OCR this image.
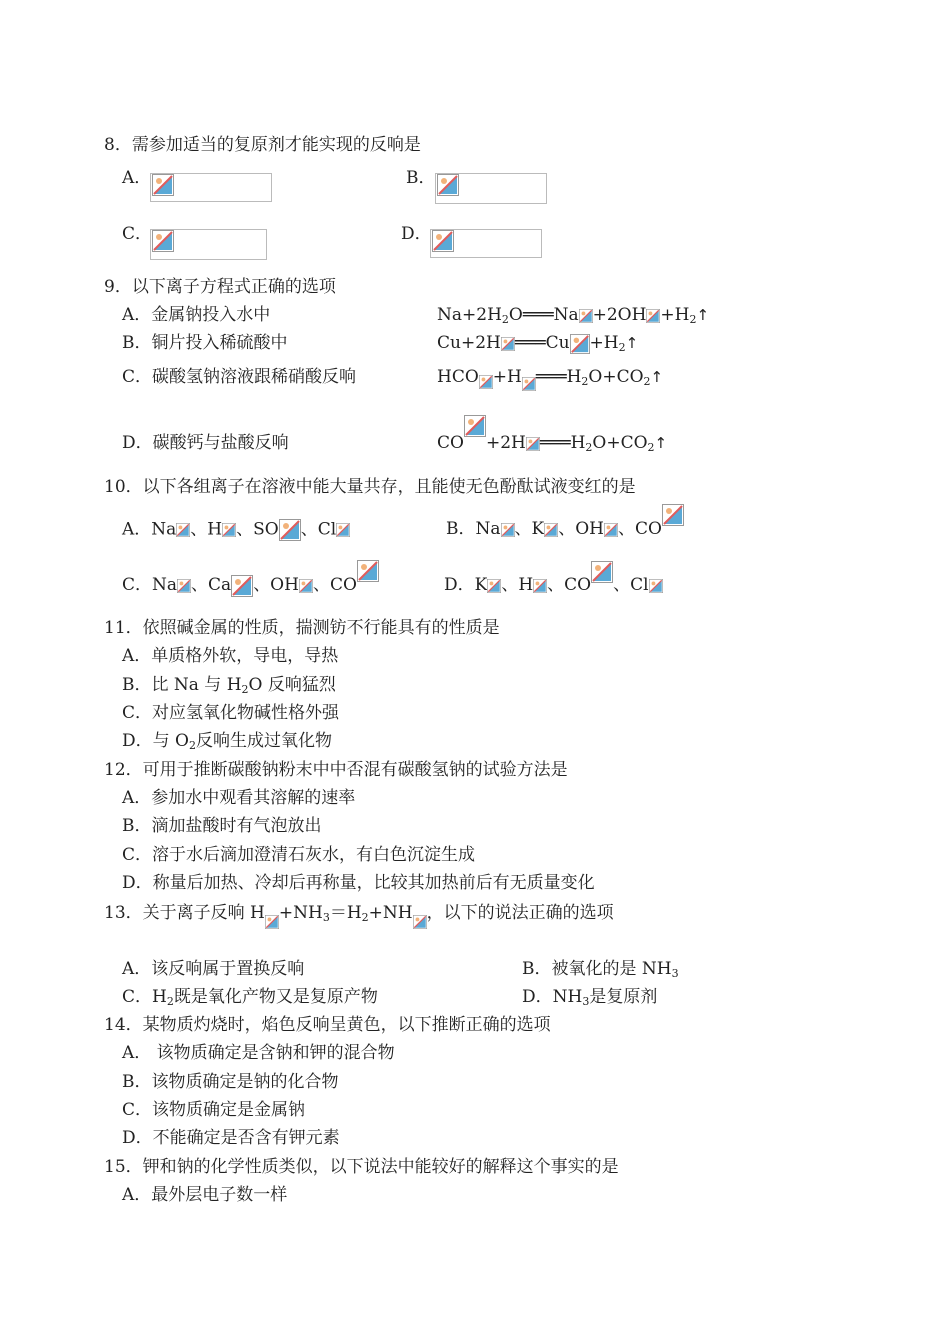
8．需参加适当的复原剂才能实现的反响是
A．	B．
C．	D．
9．以下离子方程式正确的选项
A．金属钠投入水中	$Na+2H_2O═══Na +2OH$ $+H_2↑$
B．铜片投入稀硫酸中	Cu+2H ═══Cu $+H_2↑$
C．碳酸氢钠溶液跟稀硝酸反响	HCO +H $═══H_2O+CO_2↑$
D．碳酸钙与盐酸反响	CO +2H $═══H_2O+CO_2↑$
10．以下各组离子在溶液中能大量共存，且能使无色酚酞试液变红的是
A．Na 、H 、SO 、Cl	B．Na 、K 、OH 、CO
C．Na 、Ca 、OH 、CO	D．K 、H 、CO 、Cl
11．依照碱金属的性质，揣测钫不行能具有的性质是
A．单质格外软，导电，导热
B．比 Na 与 $H_2O$ 反响猛烈
C．对应氢氧化物碱性格外强
D．与 $O_2$反响生成过氧化物
12．可用于推断碳酸钠粉末中中否混有碳酸氢钠的试验方法是
A．参加水中观看其溶解的速率
B．滴加盐酸时有气泡放出
C．溶于水后滴加澄清石灰水，有白色沉淀生成
D．称量后加热、冷却后再称量，比较其加热前后有无质量变化
13．关于离子反响 $H +NH_3=H_2+NH$ ，以下的说法正确的选项
A．该反响属于置换反响	B．被氧化的是 $NH_3$
C．$H_2$既是氧化产物又是复原产物	D．$NH_3$是复原剂
14．某物质灼烧时，焰色反响呈黄色，以下推断正确的选项
A． 该物质确定是含钠和钾的混合物
B．该物质确定是钠的化合物
C．该物质确定是金属钠
D．不能确定是否含有钾元素
15．钾和钠的化学性质类似，以下说法中能较好的解释这个事实的是
A．最外层电子数一样
